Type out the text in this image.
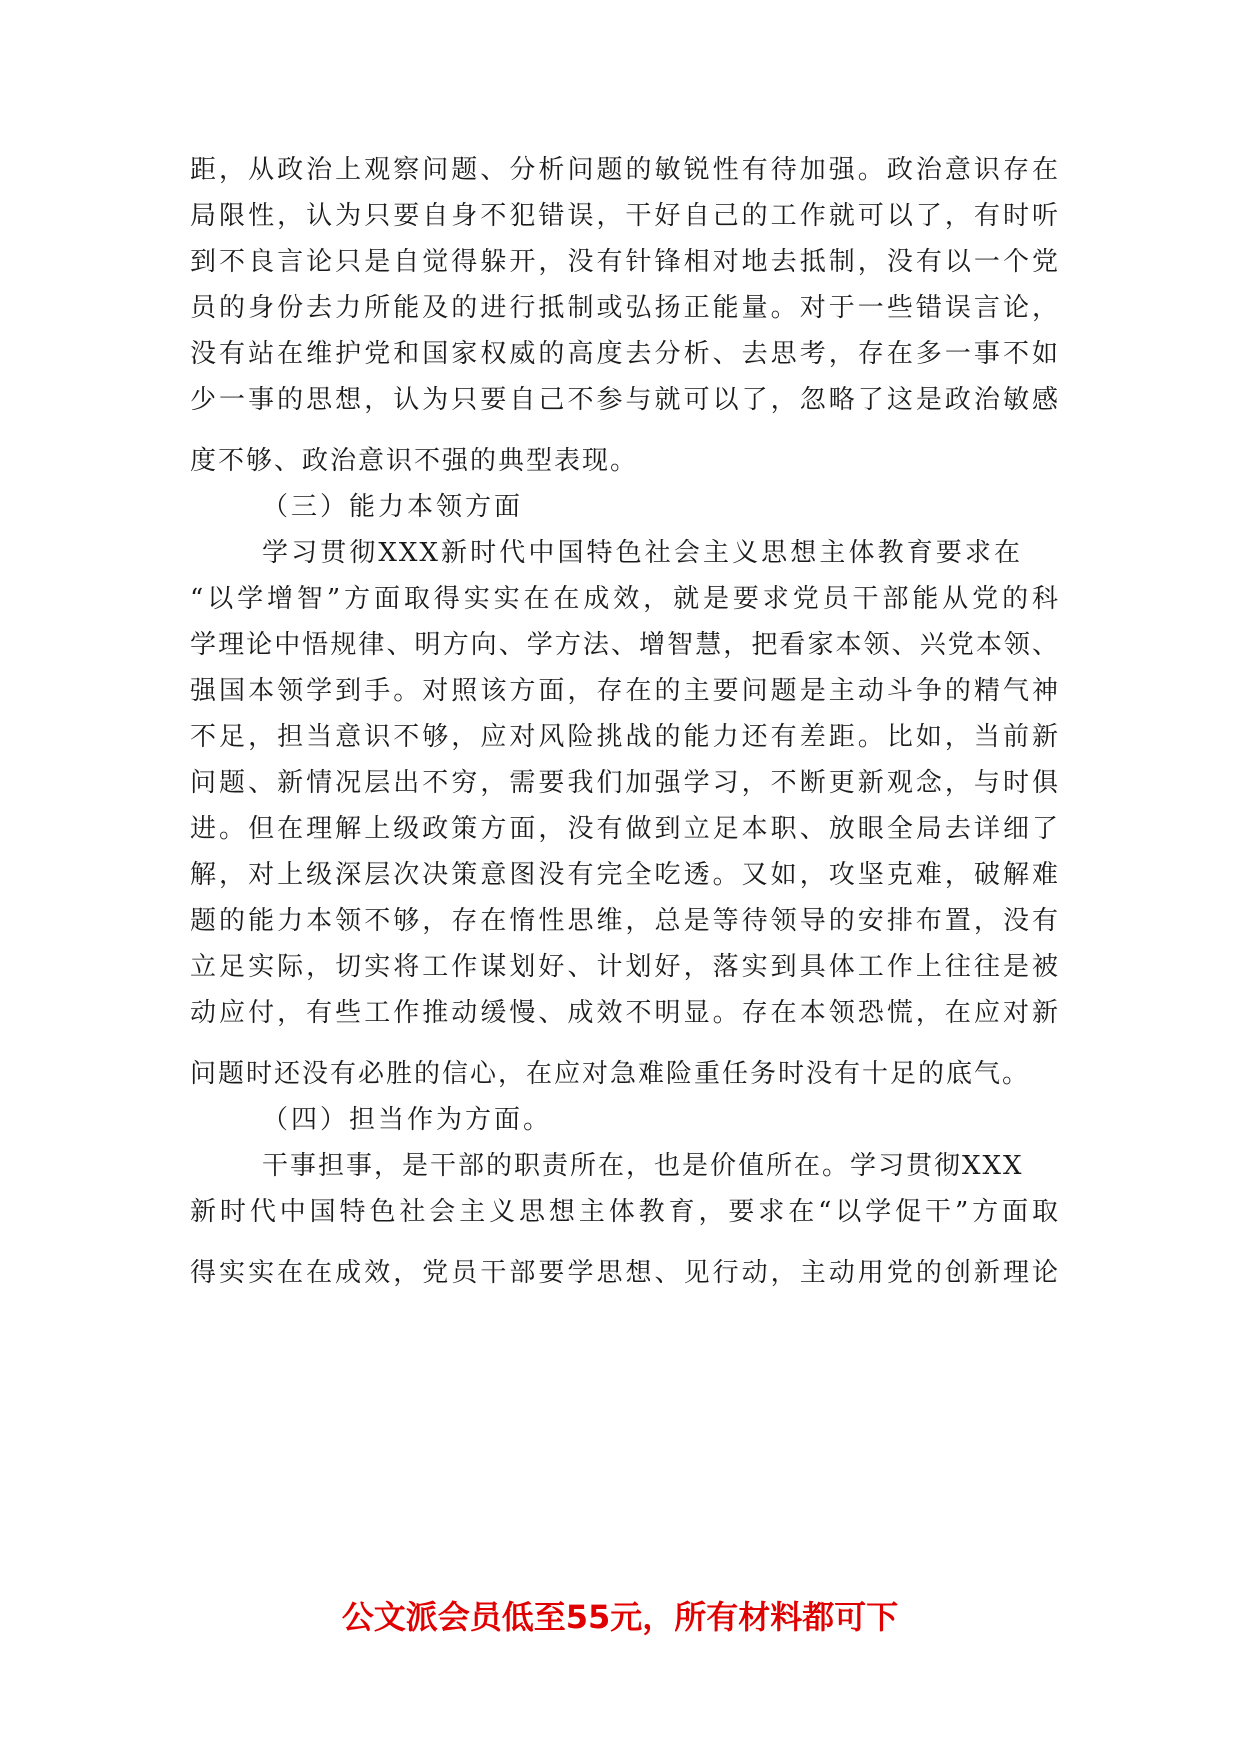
距，从政治上观察问题、分析问题的敏锐性有待加强。政治意识存在
局限性，认为只要自身不犯错误，干好自己的工作就可以了，有时听
到不良言论只是自觉得躲开，没有针锋相对地去抵制，没有以一个党
员的身份去力所能及的进行抵制或弘扬正能量。对于一些错误言论，
没有站在维护党和国家权威的高度去分析、去思考，存在多一事不如
少一事的思想，认为只要自己不参与就可以了，忽略了这是政治敏感
度不够、政治意识不强的典型表现。
（三）能力本领方面
学习贯彻XXX新时代中国特色社会主义思想主体教育要求在
“以学增智”方面取得实实在在成效，就是要求党员干部能从党的科
学理论中悟规律、明方向、学方法、增智慧，把看家本领、兴党本领、
强国本领学到手。对照该方面，存在的主要问题是主动斗争的精气神
不足，担当意识不够，应对风险挑战的能力还有差距。比如，当前新
问题、新情况层出不穷，需要我们加强学习，不断更新观念，与时俱
进。但在理解上级政策方面，没有做到立足本职、放眼全局去详细了
解，对上级深层次决策意图没有完全吃透。又如，攻坚克难，破解难
题的能力本领不够，存在惰性思维，总是等待领导的安排布置，没有
立足实际，切实将工作谋划好、计划好，落实到具体工作上往往是被
动应付，有些工作推动缓慢、成效不明显。存在本领恐慌，在应对新
问题时还没有必胜的信心，在应对急难险重任务时没有十足的底气。
（四）担当作为方面。
干事担事，是干部的职责所在，也是价值所在。学习贯彻XXX
新时代中国特色社会主义思想主体教育，要求在“以学促干”方面取
得实实在在成效，党员干部要学思想、见行动，主动用党的创新理论
公文派会员低至55元，所有材料都可下
